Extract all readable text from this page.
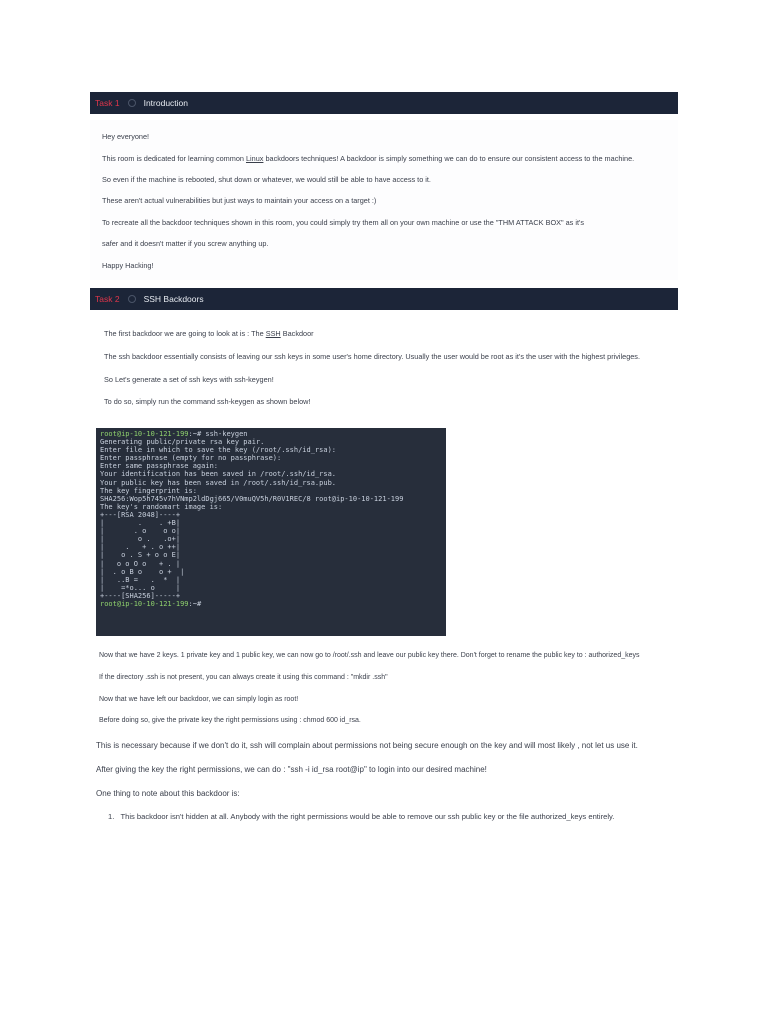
Task 1	Introduction
Hey everyone!
This room is dedicated for learning common Linux backdoors techniques! A backdoor is simply something we can do to ensure our consistent access to the machine.
So even if the machine is rebooted, shut down or whatever, we would still be able to have access to it.
These aren't actual vulnerabilities but just ways to maintain your access on a target :)
To recreate all the backdoor techniques shown in this room, you could simply try them all on your own machine or use the "THM ATTACK BOX" as it's
safer and it doesn't matter if you screw anything up.
Happy Hacking!
Task 2	SSH Backdoors
The first backdoor we are going to look at is : The SSH Backdoor
The ssh backdoor essentially consists of leaving our ssh keys in some user's home directory. Usually the user would be root as it's the user with the highest privileges.
So Let's generate a set of ssh keys with ssh-keygen!
To do so, simply run the command ssh-keygen as shown below!
root@ip-10-10-121-199:~# ssh-keygen
Generating public/private rsa key pair.
Enter file in which to save the key (/root/.ssh/id_rsa):
Enter passphrase (empty for no passphrase):
Enter same passphrase again:
Your identification has been saved in /root/.ssh/id_rsa.
Your public key has been saved in /root/.ssh/id_rsa.pub.
The key fingerprint is:
SHA256:Wop5h745v7hVNmp2ldDgj665/V0muQV5h/R0V1REC/8 root@ip-10-10-121-199
The key's randomart image is:
+---[RSA 2048]----+
|        .    . +B|
|       . o    o o|
|        o .   .o+|
|     .   + . o ++|
|    o . S + o o E|
|   o o O o   + . |
|  . o B o    o +  |
|   ..B =   .  *  |
|    =*o... o     |
+----[SHA256]-----+
root@ip-10-10-121-199:~#
Now that we have 2 keys. 1 private key and 1 public key, we can now go to /root/.ssh and leave our public key there. Don't forget to rename the public key to : authorized_keys
If the directory .ssh is not present, you can always create it using this command : "mkdir .ssh"
Now that we have left our backdoor, we can simply login as root!
Before doing so, give the private key the right permissions using : chmod 600 id_rsa.
This is necessary because if we don't do it, ssh will complain about permissions not being secure enough on the key and will most likely , not let us use it.
After giving the key the right permissions, we can do : "ssh -i id_rsa root@ip" to login into our desired machine!
One thing to note about this backdoor is:
1. This backdoor isn't hidden at all. Anybody with the right permissions would be able to remove our ssh public key or the file authorized_keys entirely.
